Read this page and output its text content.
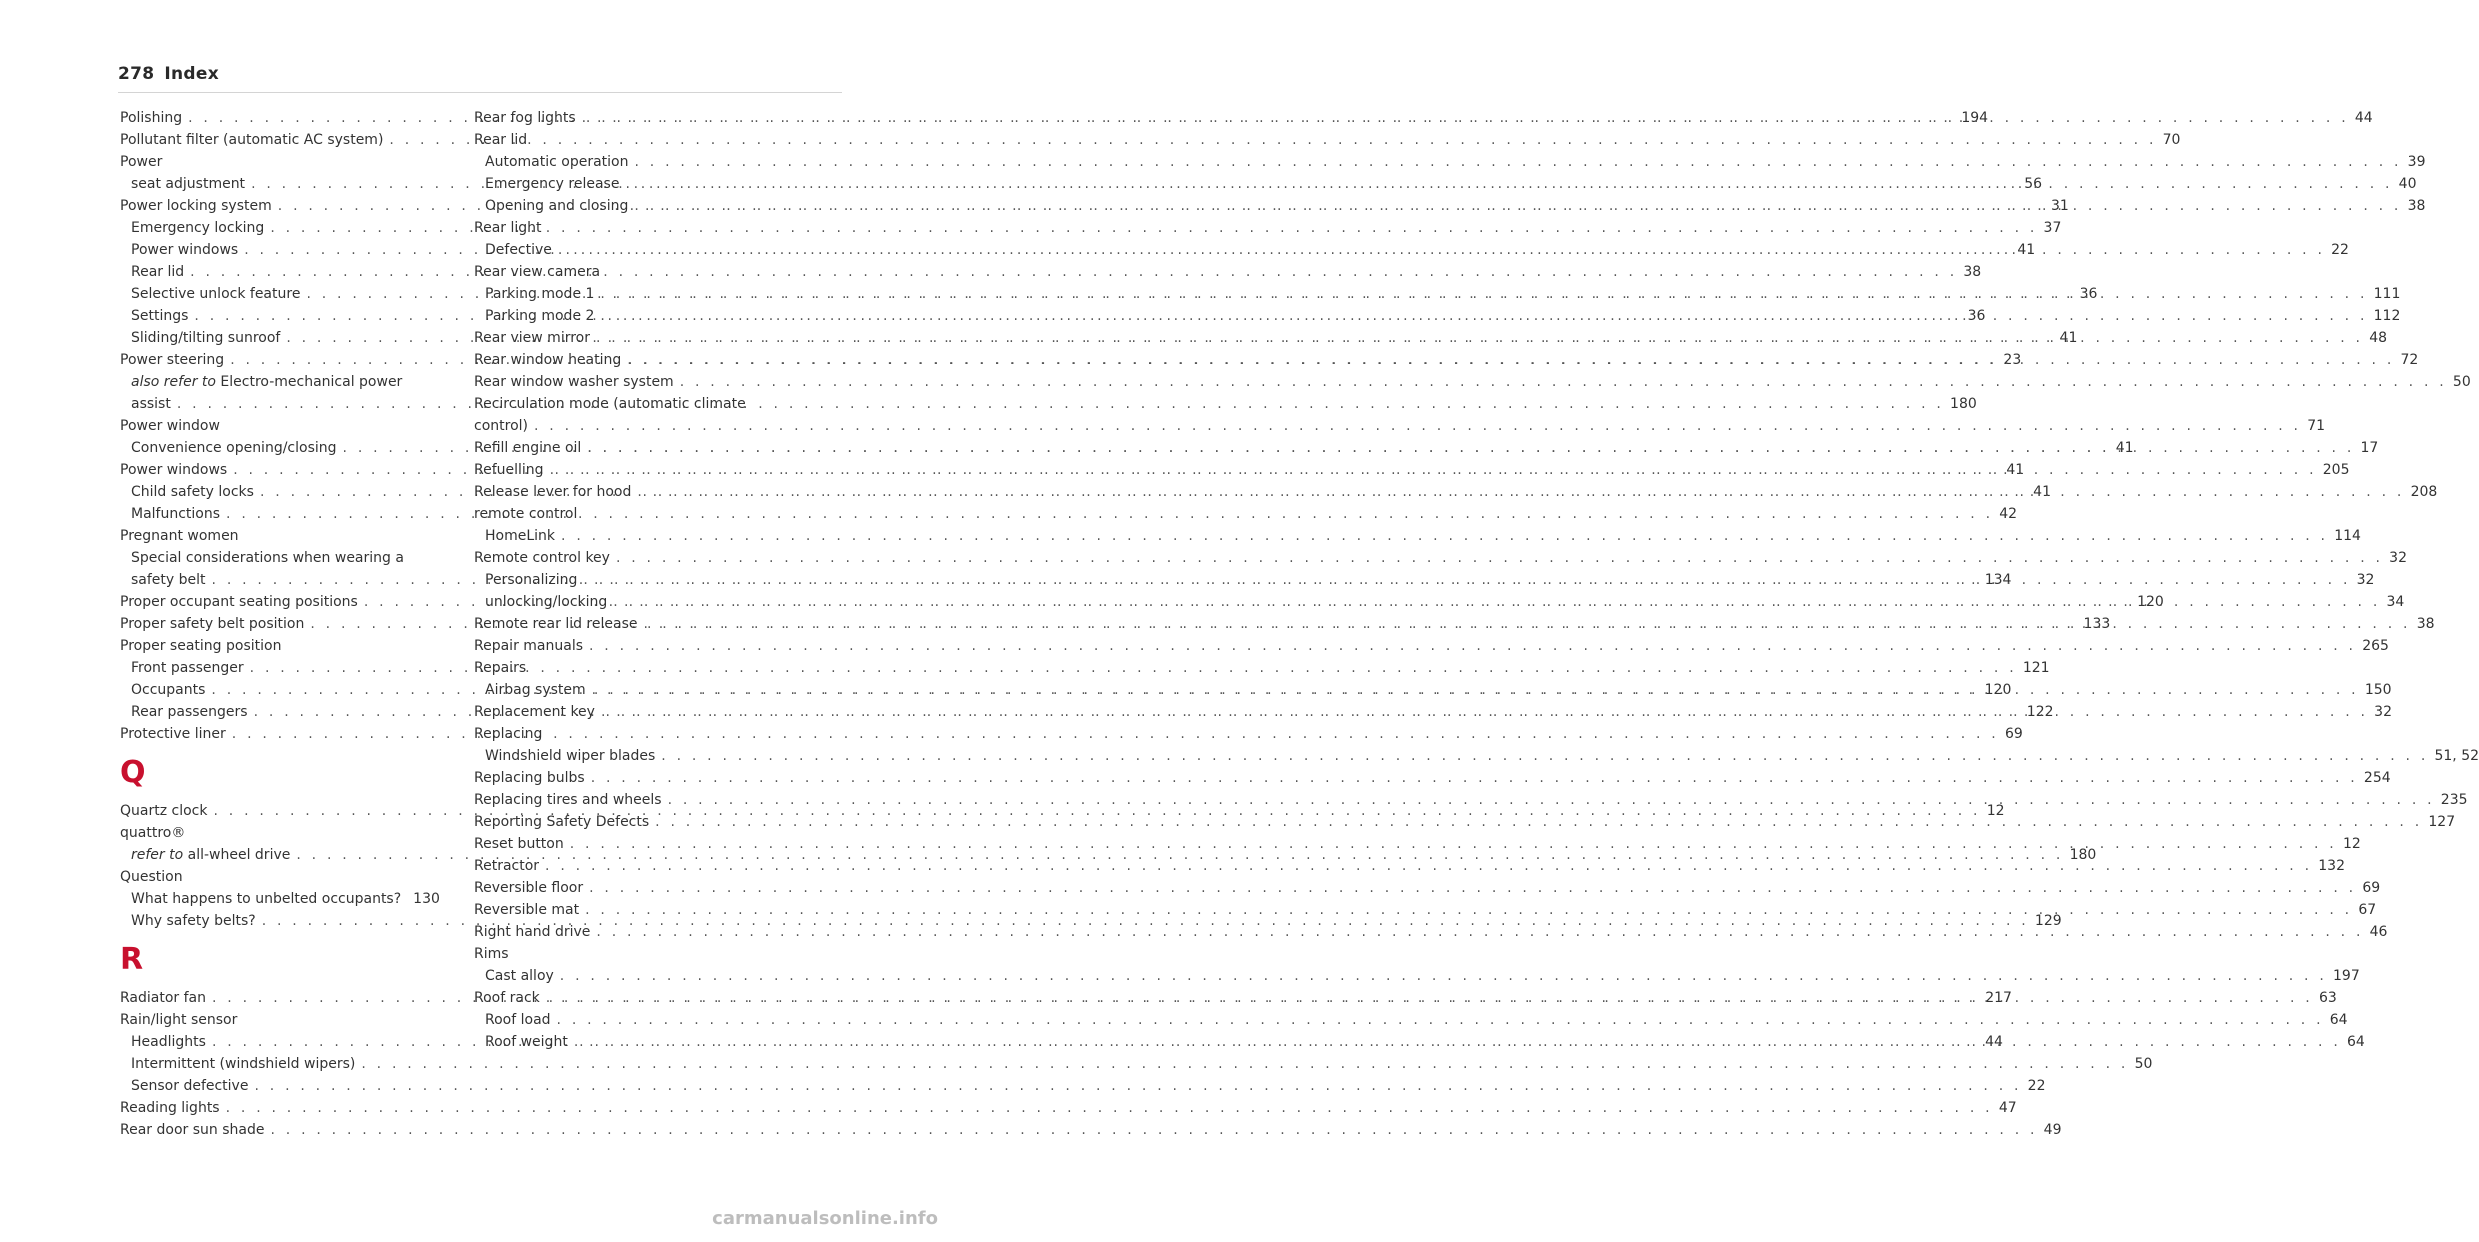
278 Index
Polishing . . .	194
Pollutant filter (automatic AC system) . . .	70
Power
seat adjustment . . .	56
Power locking system . . .	31
Emergency locking . . .	37
Power windows . . .	41
Rear lid . . .	38
Selective unlock feature . . .	36
Settings . . .	36
Sliding/tilting sunroof . . .	41
Power steering . . .	23
also refer to Electro-mechanical power
assist . . .	180
Power window
Convenience opening/closing . . .	41
Power windows . . .	41
Child safety locks . . .	41
Malfunctions . . .	42
Pregnant women
Special considerations when wearing a
safety belt . . .	134
Proper occupant seating positions . . .	120
Proper safety belt position . . .	133
Proper seating position
Front passenger . . .	121
Occupants . . .	120
Rear passengers . . .	122
Protective liner . . .	69
Q
Quartz clock . . .	12
quattro®
refer to all-wheel drive . . .	180
Question
What happens to unbelted occupants? 130
Why safety belts? . . .	129
R
Radiator fan . . .	217
Rain/light sensor
Headlights . . .	44
Intermittent (windshield wipers) . . .	50
Sensor defective . . .	22
Reading lights . . .	47
Rear door sun shade . . .	49
Rear fog lights . . .	44
Rear lid
Automatic operation . . .	39
Emergency release . . .	40
Opening and closing . . .	38
Rear light
Defective . . .	22
Rear view camera
Parking mode 1 . . .	111
Parking mode 2 . . .	112
Rear view mirror . . .	48
Rear window heating . . .	72
Rear window washer system . . .	50
Recirculation mode (automatic climate
control) . . .	71
Refill engine oil . . .	17
Refuelling . . .	205
Release lever for hood . . .	208
remote control
HomeLink . . .	114
Remote control key . . .	32
Personalizing . . .	32
unlocking/locking . . .	34
Remote rear lid release . . .	38
Repair manuals . . .	265
Repairs
Airbag system . . .	150
Replacement key . . .	32
Replacing
Windshield wiper blades . . .	51, 52
Replacing bulbs . . .	254
Replacing tires and wheels . . .	235
Reporting Safety Defects . . .	127
Reset button . . .	12
Retractor . . .	132
Reversible floor . . .	69
Reversible mat . . .	67
Right hand drive . . .	46
Rims
Cast alloy . . .	197
Roof rack . . .	63
Roof load . . .	64
Roof weight . . .	64
carmanualsonline.info
